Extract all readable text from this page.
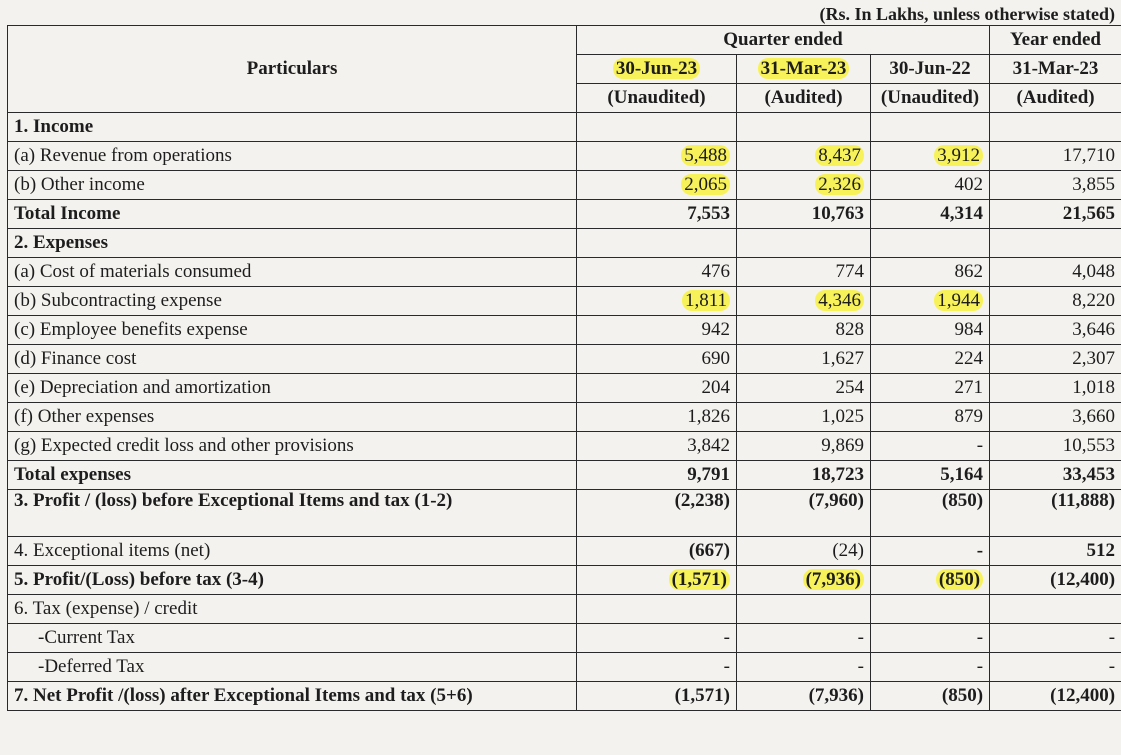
(Rs. In Lakhs, unless otherwise stated)
Particulars	Quarter ended			Year ended
	30-Jun-23	31-Mar-23	30-Jun-22	31-Mar-23
	(Unaudited)	(Audited)	(Unaudited)	(Audited)
1. Income				
(a) Revenue from operations	5,488	8,437	3,912	17,710
(b) Other income	2,065	2,326	402	3,855
Total Income	7,553	10,763	4,314	21,565
2. Expenses				
(a) Cost of materials consumed	476	774	862	4,048
(b) Subcontracting expense	1,811	4,346	1,944	8,220
(c) Employee benefits expense	942	828	984	3,646
(d) Finance cost	690	1,627	224	2,307
(e) Depreciation and amortization	204	254	271	1,018
(f) Other expenses	1,826	1,025	879	3,660
(g) Expected credit loss and other provisions	3,842	9,869	-	10,553
Total expenses	9,791	18,723	5,164	33,453
3. Profit / (loss) before Exceptional Items and tax (1-2)	(2,238)	(7,960)	(850)	(11,888)
4. Exceptional items (net)	(667)	(24)	-	512
5. Profit/(Loss) before tax (3-4)	(1,571)	(7,936)	(850)	(12,400)
6. Tax (expense) / credit				
-Current Tax	-	-	-	-
-Deferred Tax	-	-	-	-
7. Net Profit /(loss) after Exceptional Items and tax (5+6)	(1,571)	(7,936)	(850)	(12,400)
